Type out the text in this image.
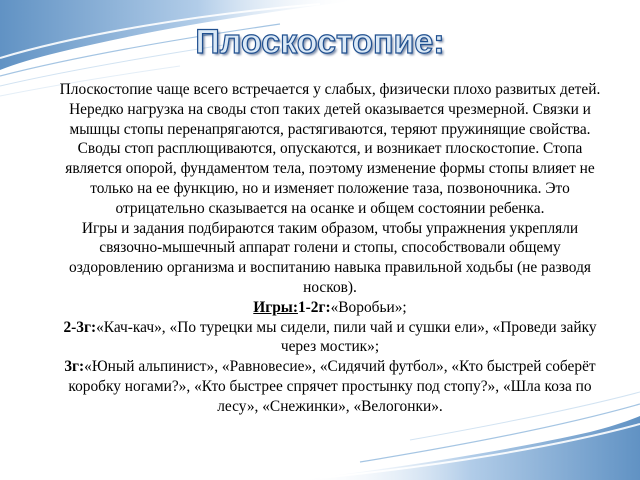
Плоскостопие:

Плоскостопие чаще всего встречается у слабых, физически плохо развитых детей. Нередко нагрузка на своды стоп таких детей оказывается чрезмерной. Связки и мышцы стопы перенапрягаются, растягиваются, теряют пружинящие свойства. Своды стоп расплющиваются, опускаются, и возникает плоскостопие. Стопа является опорой, фундаментом тела, поэтому изменение формы стопы влияет не только на ее функцию, но и изменяет положение таза, позвоночника. Это отрицательно сказывается на осанке и общем состоянии ребенка.

Игры и задания подбираются таким образом, чтобы упражнения укрепляли связочно-мышечный аппарат голени и стопы, способствовали общему оздоровлению организма и воспитанию навыка правильной ходьбы (не разводя носков).

Игры:1-2г:«Воробьи»;

2-3г:«Кач-кач», «По турецки мы сидели, пили чай и сушки ели», «Проведи зайку через мостик»;

3г:«Юный альпинист», «Равновесие», «Сидячий футбол», «Кто быстрей соберёт коробку ногами?», «Кто быстрее спрячет простынку под стопу?», «Шла коза по лесу», «Снежинки», «Велогонки».
